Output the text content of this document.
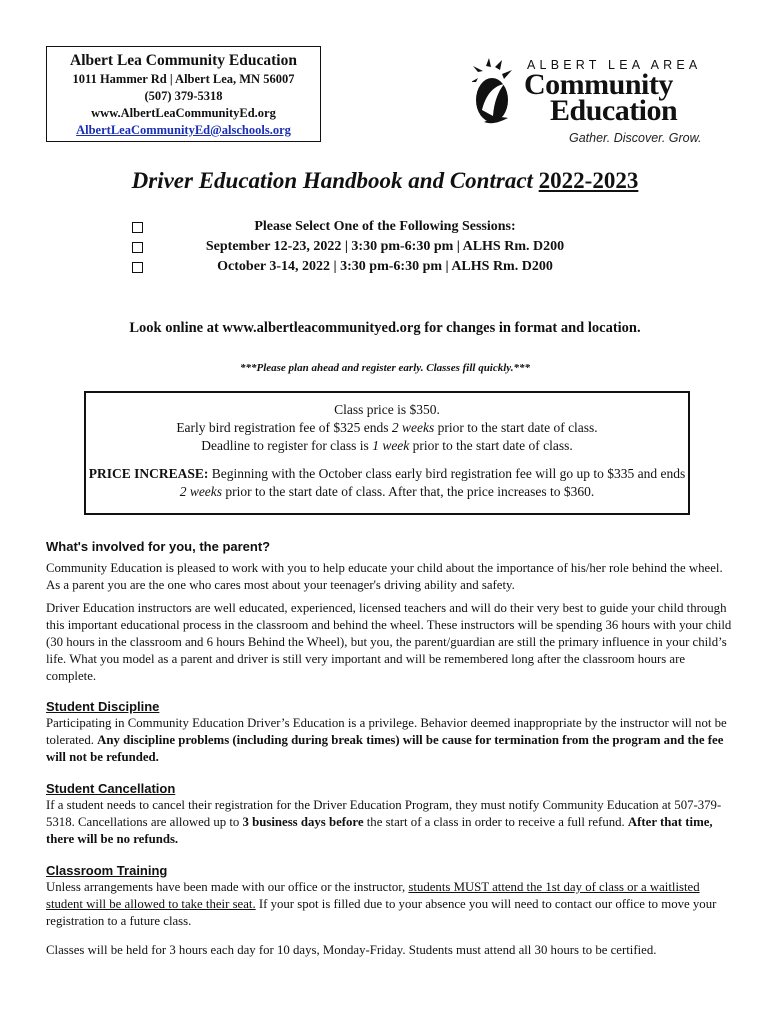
Albert Lea Community Education
1011 Hammer Rd | Albert Lea, MN 56007
(507) 379-5318
www.AlbertLeaCommunityEd.org
AlbertLeaCommunityEd@alschools.org
ALBERT LEA AREA
Community
Education
Gather. Discover. Grow.
Driver Education Handbook and Contract 2022-2023
Please Select One of the Following Sessions:
September 12-23, 2022 | 3:30 pm-6:30 pm | ALHS Rm. D200
October 3-14, 2022 | 3:30 pm-6:30 pm | ALHS Rm. D200
Look online at www.albertleacommunityed.org for changes in format and location.
***Please plan ahead and register early. Classes fill quickly.***

Class price is $350.

Early bird registration fee of $325 ends 2 weeks prior to the start date of class.

Deadline to register for class is 1 week prior to the start date of class.

PRICE INCREASE: Beginning with the October class early bird registration fee will go up to $335 and ends 2 weeks prior to the start date of class. After that, the price increases to $360.

What's involved for you, the parent?

Community Education is pleased to work with you to help educate your child about the importance of his/her role behind the wheel. As a parent you are the one who cares most about your teenager's driving ability and safety.

Driver Education instructors are well educated, experienced, licensed teachers and will do their very best to guide your child through this important educational process in the classroom and behind the wheel. These instructors will be spending 36 hours with your child (30 hours in the classroom and 6 hours Behind the Wheel), but you, the parent/guardian are still the primary influence in your child’s life. What you model as a parent and driver is still very important and will be remembered long after the classroom hours are complete.

Student Discipline

Participating in Community Education Driver’s Education is a privilege. Behavior deemed inappropriate by the instructor will not be tolerated. Any discipline problems (including during break times) will be cause for termination from the program and the fee will not be refunded.

Student Cancellation

If a student needs to cancel their registration for the Driver Education Program, they must notify Community Education at 507-379-5318. Cancellations are allowed up to 3 business days before the start of a class in order to receive a full refund. After that time, there will be no refunds.

Classroom Training

Unless arrangements have been made with our office or the instructor, students MUST attend the 1st day of class or a waitlisted student will be allowed to take their seat. If your spot is filled due to your absence you will need to contact our office to move your registration to a future class.

Classes will be held for 3 hours each day for 10 days, Monday-Friday. Students must attend all 30 hours to be certified.
